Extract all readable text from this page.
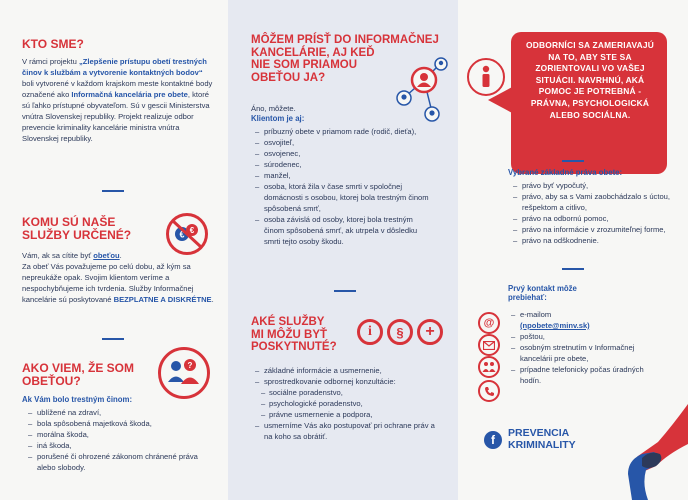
KTO SME?
V rámci projektu „Zlepšenie prístupu obetí trestných činov k službám a vytvorenie kontaktných bodov“ boli vytvorené v každom krajskom meste kontaktné body označené ako Informačná kancelária pre obete, ktoré sú ľahko prístupné obyvateľom. Sú v gescii Ministerstva vnútra Slovenskej republiky. Projekt realizuje odbor prevencie kriminality kancelárie ministra vnútra Slovenskej republiky.
KOMU SÚ NAŠE
SLUŽBY URČENÉ?	€ €
Vám, ak sa cítite byť obeťou.
Za obeť Vás považujeme po celú dobu, až kým sa nepreukáže opak. Svojim klientom veríme a nespochybňujeme ich tvrdenia. Služby Informačnej kancelárie sú poskytované BEZPLATNE A DISKRÉTNE.
AKO VIEM, ŽE SOM
OBEŤOU?
?
Ak Vám bolo trestným činom:
– ublížené na zdraví,
– bola spôsobená majetková škoda,
– morálna škoda,
– iná škoda,
– porušené či ohrozené zákonom chránené práva alebo slobody.
MÔŽEM PRÍSŤ DO INFORMAČNEJ
KANCELÁRIE, AJ KEĎ
NIE SOM PRIAMOU
OBEŤOU JA?
Áno, môžete.
Klientom je aj:
– príbuzný obete v priamom rade (rodič, dieťa),
– osvojiteľ,
– osvojenec,
– súrodenec,
– manžel,
– osoba, ktorá žila v čase smrti v spoločnej domácnosti s osobou, ktorej bola trestným činom spôsobená smrť,
– osoba závislá od osoby, ktorej bola trestným činom spôsobená smrť, ak utrpela v dôsledku smrti tejto osoby škodu.
AKÉ SLUŽBY
MI MÔŽU BYŤ
POSKYTNUTÉ?
i § +
– základné informácie a usmernenie,
– sprostredkovanie odbornej konzultácie:
– sociálne poradenstvo,
– psychologické poradenstvo,
– právne usmernenie a podpora,
– usmerníme Vás ako postupovať pri ochrane práv a na koho sa obrátiť.
ODBORNÍCI SA ZAMERIAVAJÚ NA TO, ABY STE SA ZORIENTOVALI VO VAŠEJ SITUÁCII. NAVRHNÚ, AKÁ POMOC JE POTREBNÁ - PRÁVNA, PSYCHOLOGICKÁ ALEBO SOCIÁLNA.
Vybrané základné práva obete:
– právo byť vypočutý,
– právo, aby sa s Vami zaobchádzalo s úctou, rešpektom a citlivo,
– právo na odbornú pomoc,
– právo na informácie v zrozumiteľnej forme,
– právo na odškodnenie.
Prvý kontakt môže
prebiehať:
@
– e-mailom
(npobete@minv.sk)
– poštou,
– osobným stretnutím v Informačnej kancelárii pre obete,
– prípadne telefonicky počas úradných hodín.
f PREVENCIA
KRIMINALITY
